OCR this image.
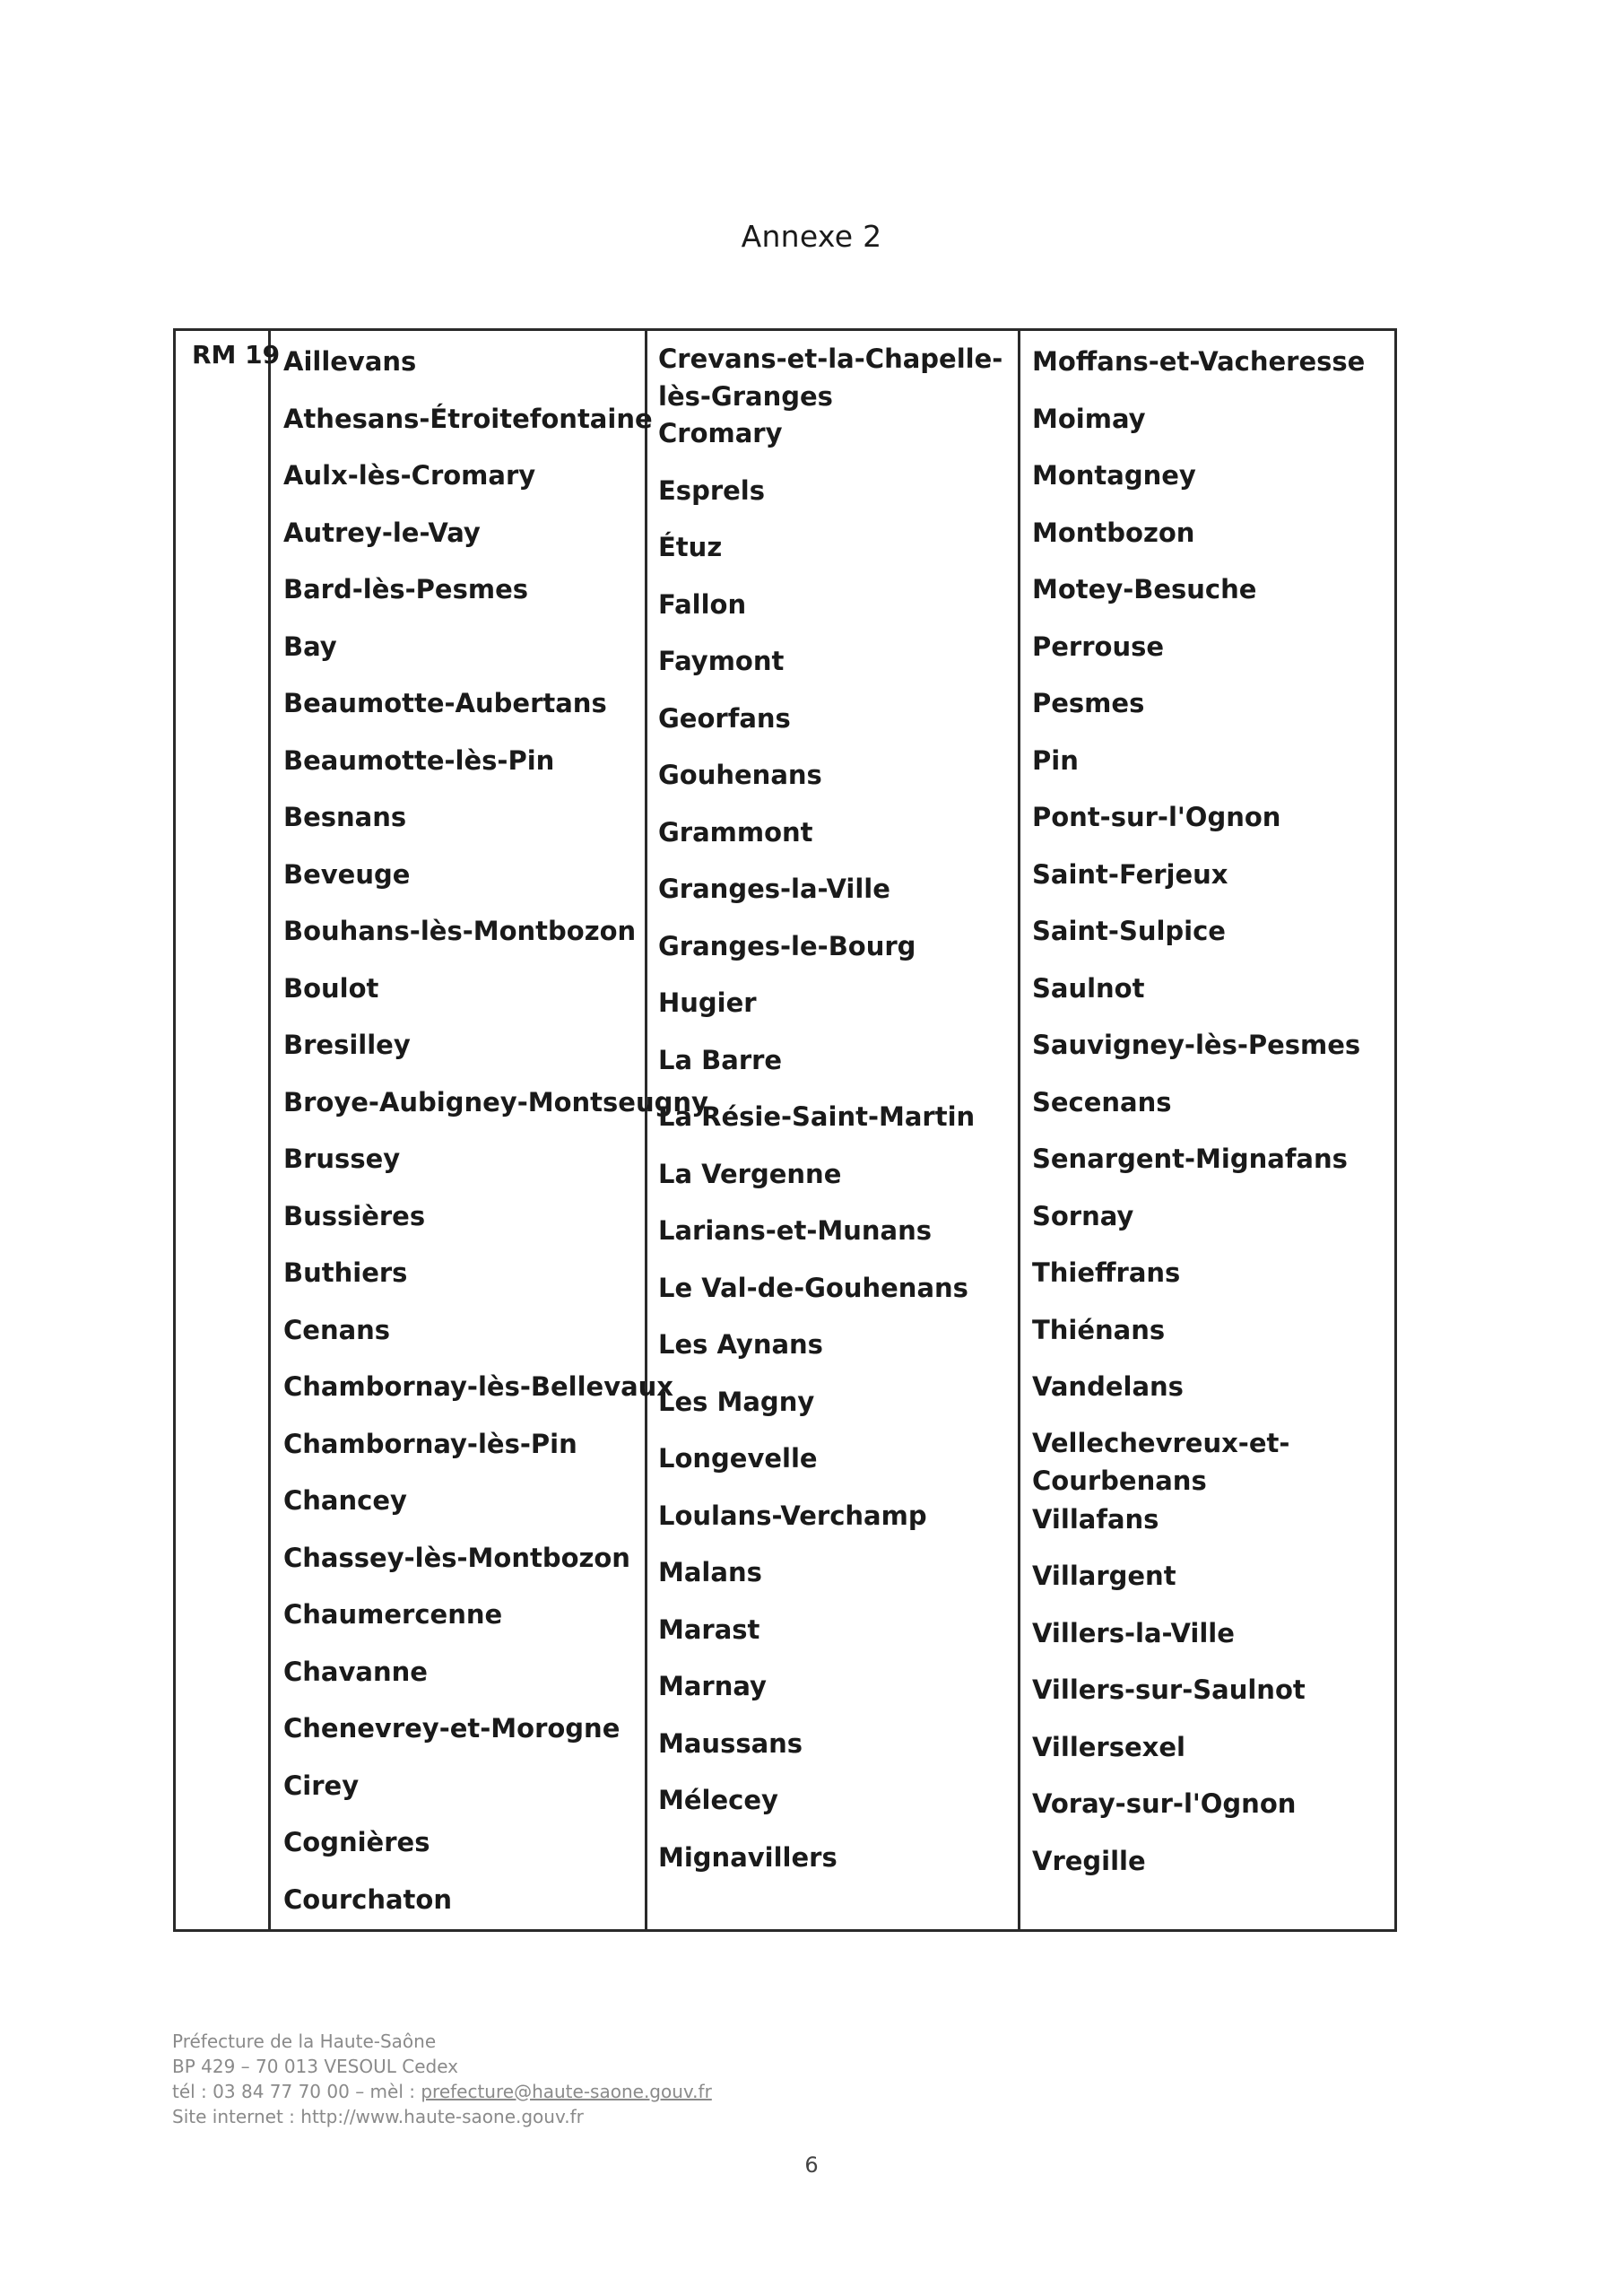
Annexe 2
RM 19 Aillevans
Athesans-Étroitefontaine
Aulx-lès-Cromary
Autrey-le-Vay
Bard-lès-Pesmes
Bay
Beaumotte-Aubertans
Beaumotte-lès-Pin
Besnans
Beveuge
Bouhans-lès-Montbozon
Boulot
Bresilley
Broye-Aubigney-Montseugny
Brussey
Bussières
Buthiers
Cenans
Chambornay-lès-Bellevaux
Chambornay-lès-Pin
Chancey
Chassey-lès-Montbozon
Chaumercenne
Chavanne
Chenevrey-et-Morogne
Cirey
Cognières
Courchaton
Crevans-et-la-Chapelle-lès-Granges
Cromary
Esprels
Étuz
Fallon
Faymont
Georfans
Gouhenans
Grammont
Granges-la-Ville
Granges-le-Bourg
Hugier
La Barre
La Résie-Saint-Martin
La Vergenne
Larians-et-Munans
Le Val-de-Gouhenans
Les Aynans
Les Magny
Longevelle
Loulans-Verchamp
Malans
Marast
Marnay
Maussans
Mélecey
Mignavillers
Moffans-et-Vacheresse
Moimay
Montagney
Montbozon
Motey-Besuche
Perrouse
Pesmes
Pin
Pont-sur-l'Ognon
Saint-Ferjeux
Saint-Sulpice
Saulnot
Sauvigney-lès-Pesmes
Secenans
Senargent-Mignafans
Sornay
Thieffrans
Thiénans
Vandelans
Vellechevreux-et-Courbenans
Villafans
Villargent
Villers-la-Ville
Villers-sur-Saulnot
Villersexel
Voray-sur-l'Ognon
Vregille
Préfecture de la Haute-Saône
BP 429 – 70 013 VESOUL Cedex
tél : 03 84 77 70 00 – mèl : prefecture@haute-saone.gouv.fr
Site internet : http://www.haute-saone.gouv.fr
6
